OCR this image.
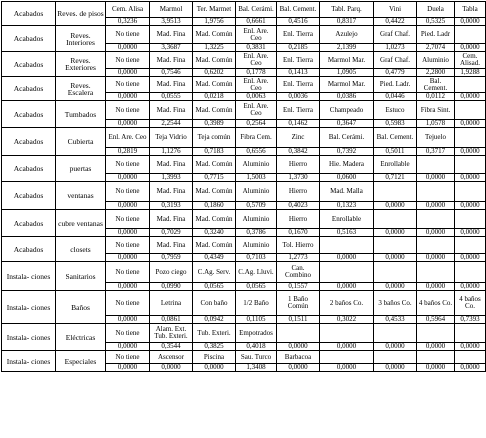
Acabados	Reves. de pisos	Cem. Alisa	Marmol	Ter. Marmet	Bal. Cerámi.	Bal. Cement.	Tabl. Parq.	Vini	Duela	Tabla
		0,3236	3,9513	1,9756	0,6661	0,4516	0,8317	0,4422	0,5325	0,0000
Acabados	Reves. Interiores	No tiene	Mad. Fina	Mad. Común	Enl. Are. Ceo	Enl. Tierra	Azulejo	Graf Chaf.	Pied. Ladr	
		0,0000	3,3687	1,3225	0,3831	0,2185	2,1399	1,0273	2,7074	0,0000
Acabados	Reves. Exteriores	No tiene	Mad. Fina	Mad. Común	Enl. Are. Ceo	Enl. Tierra	Marmol Mar.	Graf Chaf.	Aluminio	Cem. Alisad.
		0,0000	0,7546	0,6202	0,1778	0,1413	1,0905	0,4779	2,2800	1,9288
Acabados	Reves. Escalera	No tiene	Mad. Fina	Mad. Común	Enl. Are. Ceo	Enl. Tierra	Marmol Mar.	Pied. Ladr.	Bal. Cement.	
		0,0000	0,0555	0,0218	0,0063	0,0036	0,0386	0,0446	0,0112	0,0000
Acabados	Tumbados	No tiene	Mad. Fina	Mad. Común	Enl. Are. Ceo	Enl. Tierra	Champeado	Estuco	Fibra Sint.	
		0,0000	2,2544	0,3989	0,2564	0,1462	0,3647	0,5983	1,0578	0,0000
Acabados	Cubierta	Enl. Are. Ceo	Teja Vidrio	Teja común	Fibra Cem.	Zinc	Bal. Cerámi.	Bal. Cement.	Tejuelo	
		0,2819	1,1276	0,7183	0,6556	0,3842	0,7392	0,5011	0,3717	0,0000
Acabados	puertas	No tiene	Mad. Fina	Mad. Común	Aluminio	Hierro	Hie. Madera	Enrollable		
		0,0000	1,3993	0,7715	1,5003	1,3730	0,0600	0,7121	0,0000	0,0000
Acabados	ventanas	No tiene	Mad. Fina	Mad. Común	Aluminio	Hierro	Mad. Malla			
		0,0000	0,3193	0,1860	0,5709	0,4023	0,1323	0,0000	0,0000	0,0000
Acabados	cubre ventanas	No tiene	Mad. Fina	Mad. Común	Aluminio	Hierro	Enrollable			
		0,0000	0,7029	0,3240	0,3786	0,1670	0,5163	0,0000	0,0000	0,0000
Acabados	closets	No tiene	Mad. Fina	Mad. Común	Aluminio	Tol. Hierro				
		0,0000	0,7959	0,4349	0,7103	1,2773	0,0000	0,0000	0,0000	0,0000
Instala- ciones	Sanitarios	No tiene	Pozo ciego	C.Ag. Serv.	C.Ag. Lluvi.	Can. Combino				
		0,0000	0,0990	0,0565	0,0565	0,1557	0,0000	0,0000	0,0000	0,0000
Instala- ciones	Baños	No tiene	Letrina	Con baño	1/2 Baño	1 Baño Común	2 baños Co.	3 baños Co.	4 baños Co.	4 baños Co.
		0,0000	0,0861	0,0942	0,1105	0,1511	0,3022	0,4533	0,5964	0,7393
Instala- ciones	Eléctricas	No tiene	Alam. Ext. Tub. Exteri.	Tub. Exteri.	Empotrados					
		0,0000	0,3544	0,3825	0,4018	0,0000	0,0000	0,0000	0,0000	0,0000
Instala- ciones	Especiales	No tiene	Ascensor	Piscina	Sau. Turco	Barbacoa				
		0,0000	0,0000	0,0000	1,3408	0,0000	0,0000	0,0000	0,0000	0,0000
